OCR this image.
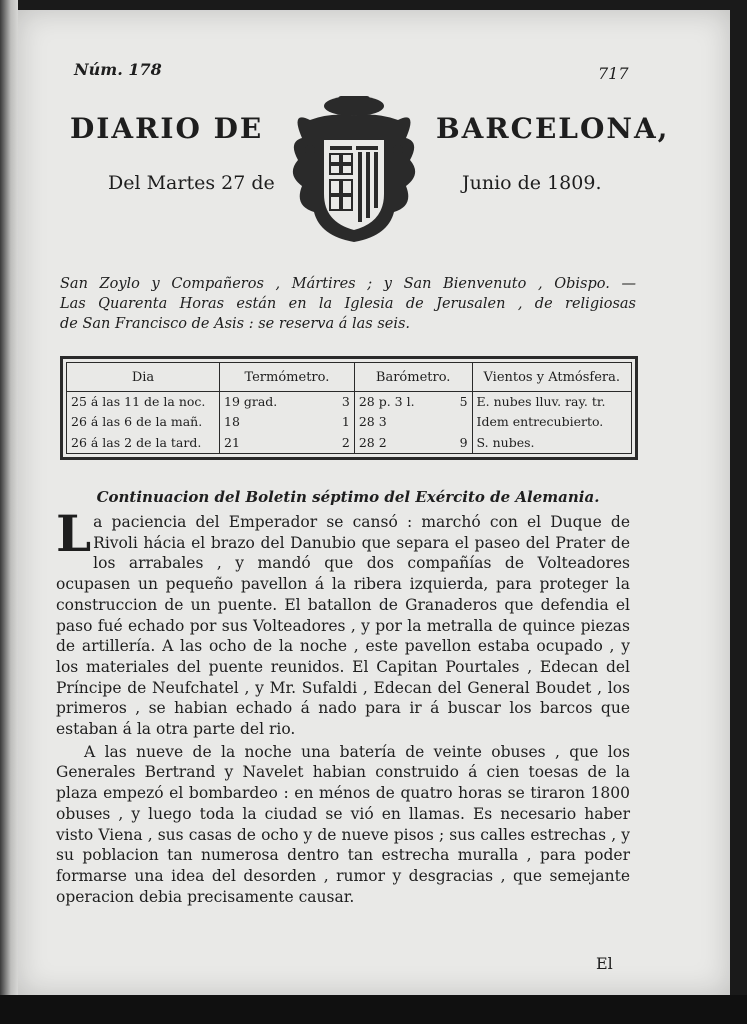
Núm. 178	717
DIARIO DE	BARCELONA,
Del Martes 27 de	Junio de 1809.

San Zoylo y Compañeros , Mártires ; y San Bienvenuto , Obispo. —

Las Quarenta Horas están en la Iglesia de Jerusalen , de religiosas

de San Francisco de Asis : se reserva á las seis.

Dia	Termómetro.		Barómetro.		Vientos y Atmósfera.
25 á las 11 de la noc.	19 grad.	3	28 p. 3 l.	5	E. nubes lluv. ray. tr.
26 á las 6 de la mañ.	18	1	28 3		Idem entrecubierto.
26 á las 2 de la tard.	21	2	28 2	9	S. nubes.
Continuacion del Boletin séptimo del Exército de Alemania.

La paciencia del Emperador se cansó : marchó con el Duque de Rivoli hácia el brazo del Danubio que separa el paseo del Prater de los arrabales , y mandó que dos compañías de Volteadores ocupasen un pequeño pavellon á la ribera izquierda, para proteger la construccion de un puente. El batallon de Granaderos que defendia el paso fué echado por sus Volteadores , y por la metralla de quince piezas de artillería. A las ocho de la noche , este pavellon estaba ocupado , y los materiales del puente reunidos. El Capitan Pourtales , Edecan del Príncipe de Neufchatel , y Mr. Sufaldi , Edecan del General Boudet , los primeros , se habian echado á nado para ir á buscar los barcos que estaban á la otra parte del rio.

A las nueve de la noche una batería de veinte obuses , que los Generales Bertrand y Navelet habian construido á cien toesas de la plaza empezó el bombardeo : en ménos de quatro horas se tiraron 1800 obuses , y luego toda la ciudad se vió en llamas. Es necesario haber visto Viena , sus casas de ocho y de nueve pisos ; sus calles estrechas , y su poblacion tan numerosa dentro tan estrecha muralla , para poder formarse una idea del desorden , rumor y desgracias , que semejante operacion debia precisamente causar.

El
